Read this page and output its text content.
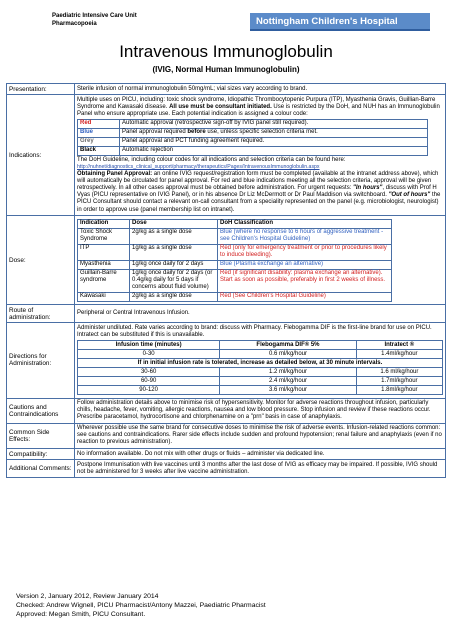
Paediatric Intensive Care Unit
Pharmacopoeia	Nottingham Children's Hospital
Intravenous Immunoglobulin
(IVIG, Normal Human Immunoglobulin)
Presentation:	Sterile infusion of normal immunoglobulin 50mg/mL; vial sizes vary according to brand.
Indications:	

Multiple uses on PICU, including: toxic shock syndrome, Idiopathic Thrombocytopenic Purpura (ITP), Myasthenia Gravis, Guillian-Barre Syndrome and Kawasaki disease. All use must be consultant initiated. Use is restricted by the DoH, and NUH has an Immunoglobulin Panel who ensure appropriate use. Each potential indication is assigned a colour code:

Red	Automatic approval (retrospective sign-off by IVIG panel still required).
Blue	Panel approval required before use, unless specific selection criteria met.
Grey	Panel approval and PCT funding agreement required.
Black	Automatic rejection

The DoH Guideline, including colour codes for all indications and selection criteria can be found here:

http://nuhnet/diagnostics_clinical_support/pharmacy/therapeutics/Pages/IntravenousImmunoglobulin.aspx

Obtaining Panel Approval: an online IVIG request/registration form must be completed (available at the intranet address above), which will automatically be circulated for panel approval. For red and blue indications meeting all the selection criteria, approval will be given retrospectively. In all other cases approval must be obtained before administration. For urgent requests: "In hours", discuss with Prof H Vyas (PICU representative on IVIG Panel), or in his absence Dr Liz McDermott or Dr Paul Maddison via switchboard. "Out of hours" the PICU Consultant should contact a relevant on-call consultant from a speciality represented on the panel (e.g. microbiologist, neurologist) in order to approve use (panel membership list on intranet).

Dose:	
Indication	Dose	DoH Classification
Toxic Shock Syndrome	2g/kg as a single dose	Blue (where no response to 6 hours of aggressive treatment - see Children's Hospital Guideline)
ITP	1g/kg as a single dose	Red (only for emergency treatment or prior to procedures likely to induce bleeding).
Myasthenia	1g/kg once daily for 2 days	Blue (Plasma exchange an alternative)
Guillain-Barre syndrome	1g/kg once daily for 2 days (or 0.4g/kg daily for 5 days if concerns about fluid volume)	Red (if significant disability: plasma exchange an alternative). Start as soon as possible, preferably in first 2 weeks of illness.
Kawasaki	2g/kg as a single dose	Red (See Children's Hospital Guideline)

Route of administration:	Peripheral or Central Intravenous Infusion.
Directions for Administration:	

Administer undiluted. Rate varies according to brand: discuss with Pharmacy. Flebogamma DIF is the first-line brand for use on PICU. Intratect can be substituted if this is unavailable.

Infusion time (minutes)	Flebogamma DIF® 5%	Intratect ®
0-30	0.6 ml/kg/hour	1.4ml/kg/hour
If in initial infusion rate is tolerated, increase as detailed below, at 30 minute intervals.
30-60	1.2 ml/kg/hour	1.6 ml/kg/hour
60-90	2.4 ml/kg/hour	1.7ml/kg/hour
90-120	3.6 ml/kg/hour	1.8ml/kg/hour

Cautions and Contraindications	Follow administration details above to minimise risk of hypersensitivity. Monitor for adverse reactions throughout infusion, particularly chills, headache, fever, vomiting, allergic reactions, nausea and low blood pressure. Stop infusion and review if these reactions occur. Prescribe paracetamol, hydrocortisone and chlorphenamine on a "prn" basis in case of anaphylaxis.
Common Side Effects:	Wherever possible use the same brand for consecutive doses to minimise the risk of adverse events. Infusion-related reactions common: see cautions and contraindications. Rarer side effects include sudden and profound hypotension; renal failure and anaphylaxis (even if no reaction to previous administration).
Compatibility:	No information available. Do not mix with other drugs or fluids – administer via dedicated line.
Additional Comments:	Postpone Immunisation with live vaccines until 3 months after the last dose of IVIG as efficacy may be impaired. If possible, IVIG should not be administered for 3 weeks after live vaccine administration.
Version 2, January 2012, Review January 2014
Checked: Andrew Wignell, PICU Pharmacist/Antony Mazzei, Paediatric Pharmacist
Approved: Megan Smith, PICU Consultant.
